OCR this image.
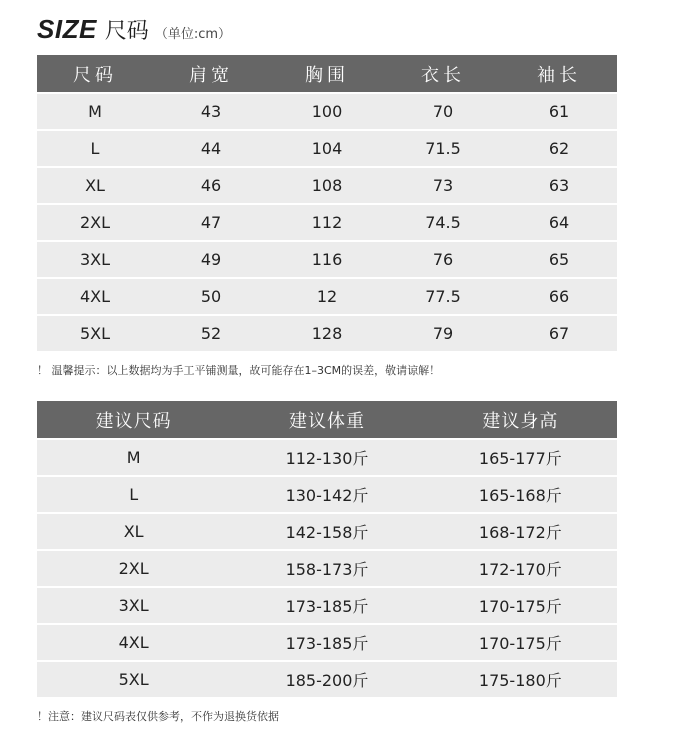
SIZE 尺码 （单位:cm）
尺码	肩宽	胸围	衣长	袖长
M	43	100	70	61
L	44	104	71.5	62
XL	46	108	73	63
2XL	47	112	74.5	64
3XL	49	116	76	65
4XL	50	12	77.5	66
5XL	52	128	79	67
！ 温馨提示：以上数据均为手工平铺测量，故可能存在1–3CM的误差，敬请谅解！
建议尺码	建议体重	建议身高
M	112-130斤	165-177斤
L	130-142斤	165-168斤
XL	142-158斤	168-172斤
2XL	158-173斤	172-170斤
3XL	173-185斤	170-175斤
4XL	173-185斤	170-175斤
5XL	185-200斤	175-180斤
！注意：建议尺码表仅供参考，不作为退换货依据
